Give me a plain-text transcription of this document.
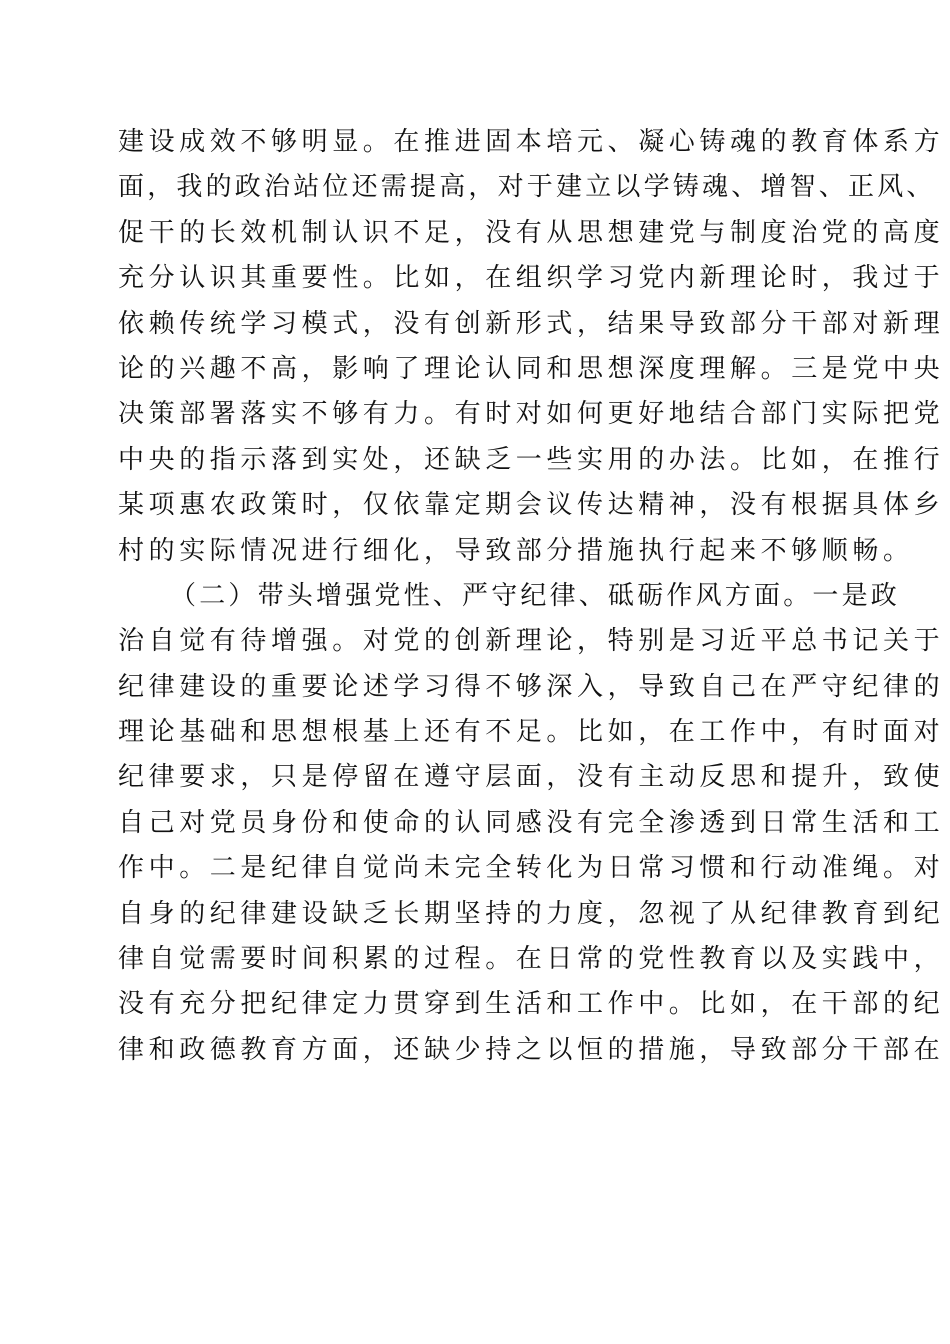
建设成效不够明显。在推进固本培元、凝心铸魂的教育体系方
面，我的政治站位还需提高，对于建立以学铸魂、增智、正风、
促干的长效机制认识不足，没有从思想建党与制度治党的高度
充分认识其重要性。比如，在组织学习党内新理论时，我过于
依赖传统学习模式，没有创新形式，结果导致部分干部对新理
论的兴趣不高，影响了理论认同和思想深度理解。三是党中央
决策部署落实不够有力。有时对如何更好地结合部门实际把党
中央的指示落到实处，还缺乏一些实用的办法。比如，在推行
某项惠农政策时，仅依靠定期会议传达精神，没有根据具体乡
村的实际情况进行细化，导致部分措施执行起来不够顺畅。
（二）带头增强党性、严守纪律、砥砺作风方面。一是政
治自觉有待增强。对党的创新理论，特别是习近平总书记关于
纪律建设的重要论述学习得不够深入，导致自己在严守纪律的
理论基础和思想根基上还有不足。比如，在工作中，有时面对
纪律要求，只是停留在遵守层面，没有主动反思和提升，致使
自己对党员身份和使命的认同感没有完全渗透到日常生活和工
作中。二是纪律自觉尚未完全转化为日常习惯和行动准绳。对
自身的纪律建设缺乏长期坚持的力度，忽视了从纪律教育到纪
律自觉需要时间积累的过程。在日常的党性教育以及实践中，
没有充分把纪律定力贯穿到生活和工作中。比如，在干部的纪
律和政德教育方面，还缺少持之以恒的措施，导致部分干部在
